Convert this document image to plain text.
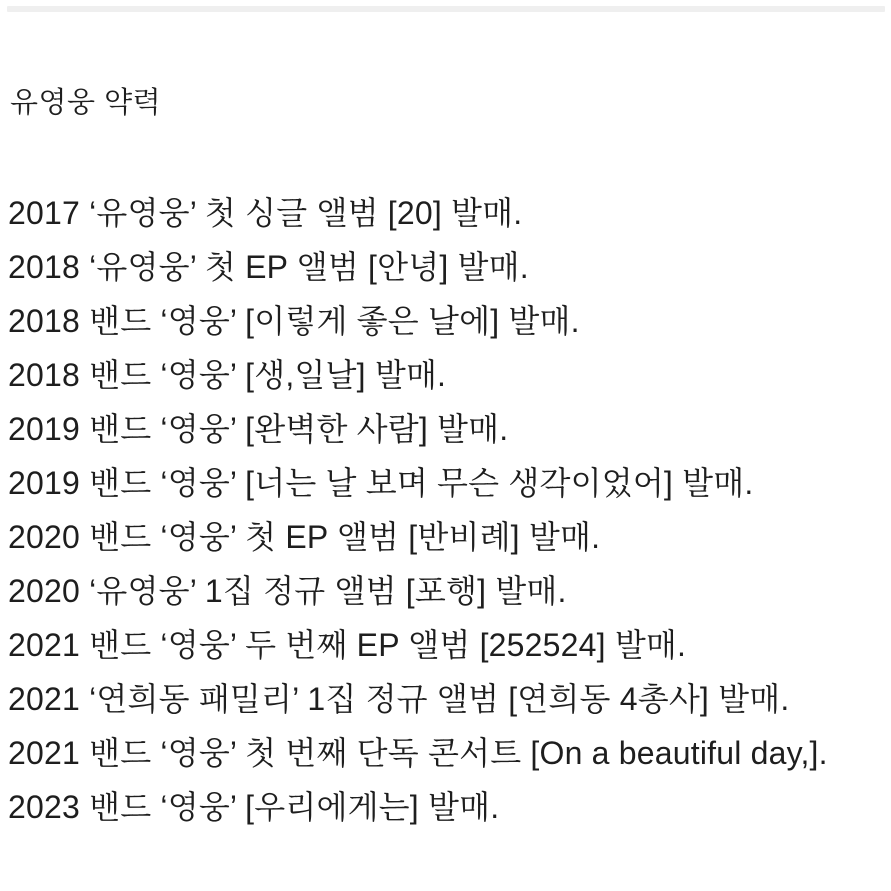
유영웅 약력
2017 ‘유영웅’ 첫 싱글 앨범 [20] 발매.
2018 ‘유영웅’ 첫 EP 앨범 [안녕] 발매.
2018 밴드 ‘영웅’ [이렇게 좋은 날에] 발매.
2018 밴드 ‘영웅’ [생,일날] 발매.
2019 밴드 ‘영웅’ [완벽한 사람] 발매.
2019 밴드 ‘영웅’ [너는 날 보며 무슨 생각이었어] 발매.
2020 밴드 ‘영웅’ 첫 EP 앨범 [반비례] 발매.
2020 ‘유영웅’ 1집 정규 앨범 [포행] 발매.
2021 밴드 ‘영웅’ 두 번째 EP 앨범 [252524] 발매.
2021 ‘연희동 패밀리’ 1집 정규 앨범 [연희동 4총사] 발매.
2021 밴드 ‘영웅’ 첫 번째 단독 콘서트 [On a beautiful day,].
2023 밴드 ‘영웅’ [우리에게는] 발매.
